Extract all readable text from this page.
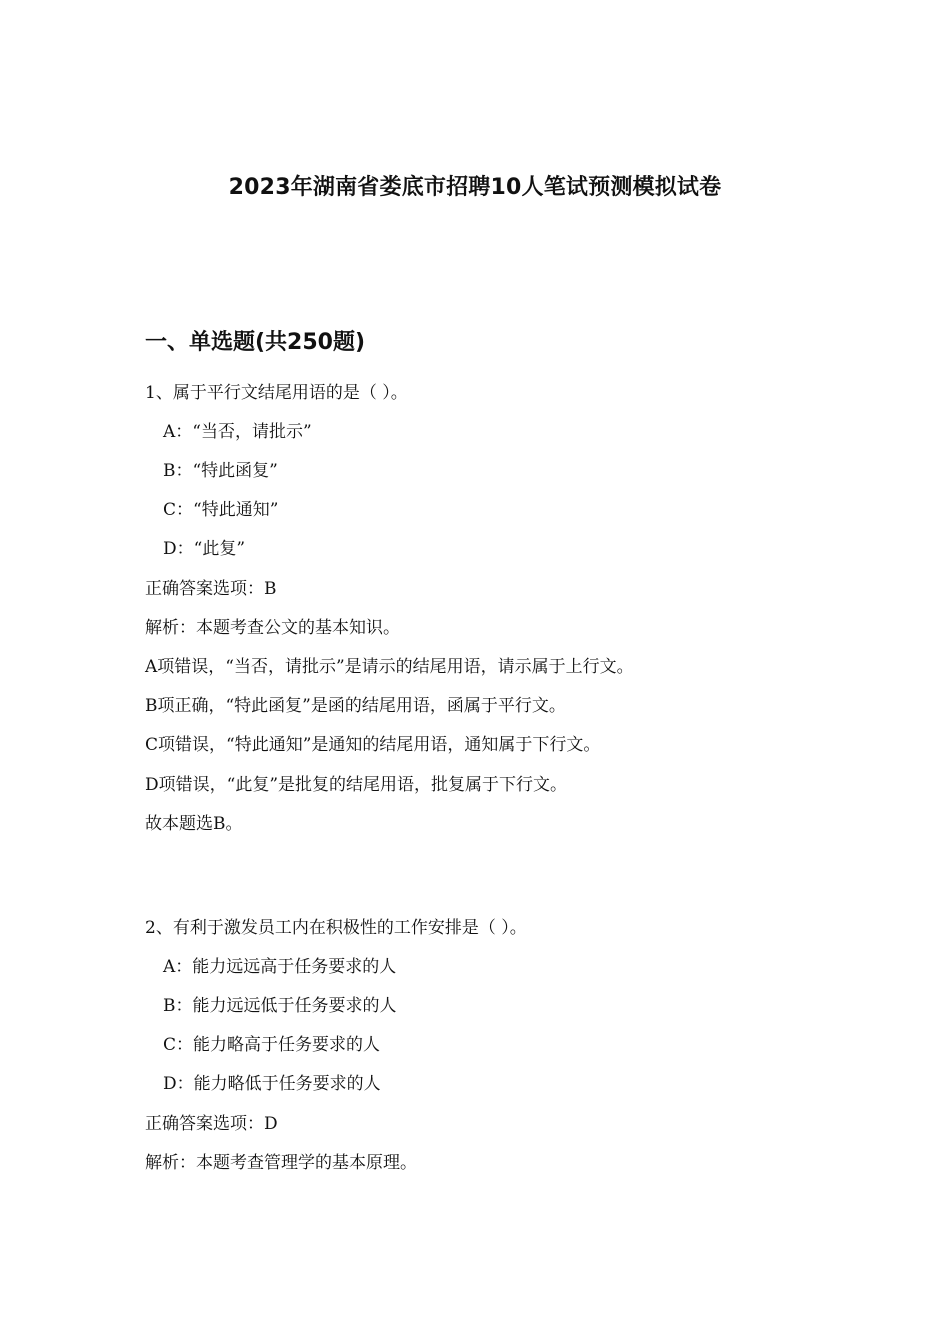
2023年湖南省娄底市招聘10人笔试预测模拟试卷
一、单选题(共250题)
1、属于平行文结尾用语的是（ ）。
A：“当否，请批示”
B：“特此函复”
C：“特此通知”
D：“此复”
正确答案选项：B
解析：本题考查公文的基本知识。
A项错误，“当否，请批示”是请示的结尾用语，请示属于上行文。
B项正确，“特此函复”是函的结尾用语，函属于平行文。
C项错误，“特此通知”是通知的结尾用语，通知属于下行文。
D项错误，“此复”是批复的结尾用语，批复属于下行文。
故本题选B。
2、有利于激发员工内在积极性的工作安排是（ ）。
A：能力远远高于任务要求的人
B：能力远远低于任务要求的人
C：能力略高于任务要求的人
D：能力略低于任务要求的人
正确答案选项：D
解析：本题考查管理学的基本原理。
